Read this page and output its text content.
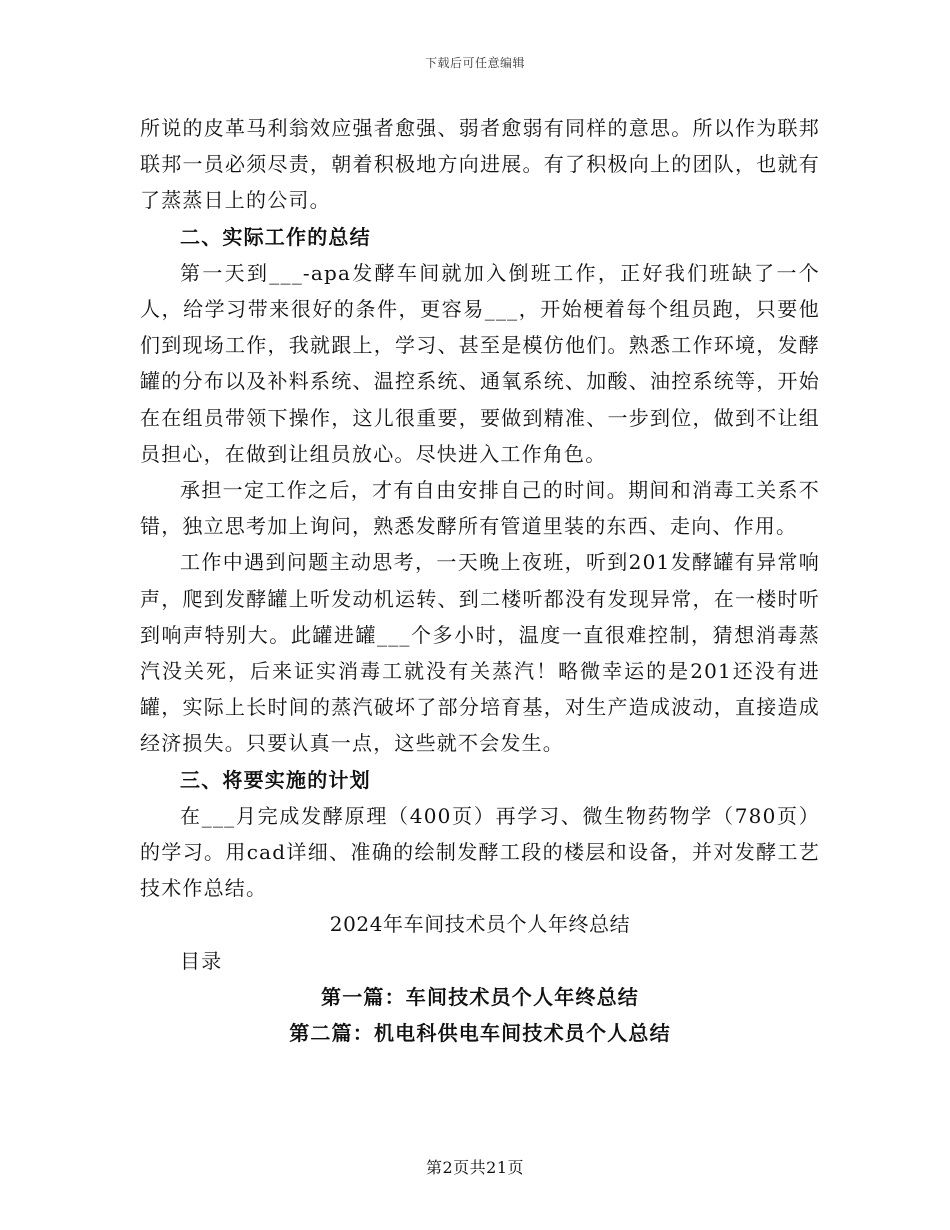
下载后可任意编辑

所说的皮革马利翁效应强者愈强、弱者愈弱有同样的意思。所以作为联邦联邦一员必须尽责，朝着积极地方向进展。有了积极向上的团队，也就有了蒸蒸日上的公司。

二、实际工作的总结

第一天到___-apa发酵车间就加入倒班工作，正好我们班缺了一个人，给学习带来很好的条件，更容易___，开始梗着每个组员跑，只要他们到现场工作，我就跟上，学习、甚至是模仿他们。熟悉工作环境，发酵罐的分布以及补料系统、温控系统、通氧系统、加酸、油控系统等，开始在在组员带领下操作，这儿很重要，要做到精准、一步到位，做到不让组员担心，在做到让组员放心。尽快进入工作角色。

承担一定工作之后，才有自由安排自己的时间。期间和消毒工关系不错，独立思考加上询问，熟悉发酵所有管道里装的东西、走向、作用。

工作中遇到问题主动思考，一天晚上夜班，听到201发酵罐有异常响声，爬到发酵罐上听发动机运转、到二楼听都没有发现异常，在一楼时听到响声特别大。此罐进罐___个多小时，温度一直很难控制，猜想消毒蒸汽没关死，后来证实消毒工就没有关蒸汽！略微幸运的是201还没有进罐，实际上长时间的蒸汽破坏了部分培育基，对生产造成波动，直接造成经济损失。只要认真一点，这些就不会发生。

三、将要实施的计划

在___月完成发酵原理（400页）再学习、微生物药物学（780页）的学习。用cad详细、准确的绘制发酵工段的楼层和设备，并对发酵工艺技术作总结。

2024年车间技术员个人年终总结

目录

第一篇：车间技术员个人年终总结

第二篇：机电科供电车间技术员个人总结

第2页共21页
